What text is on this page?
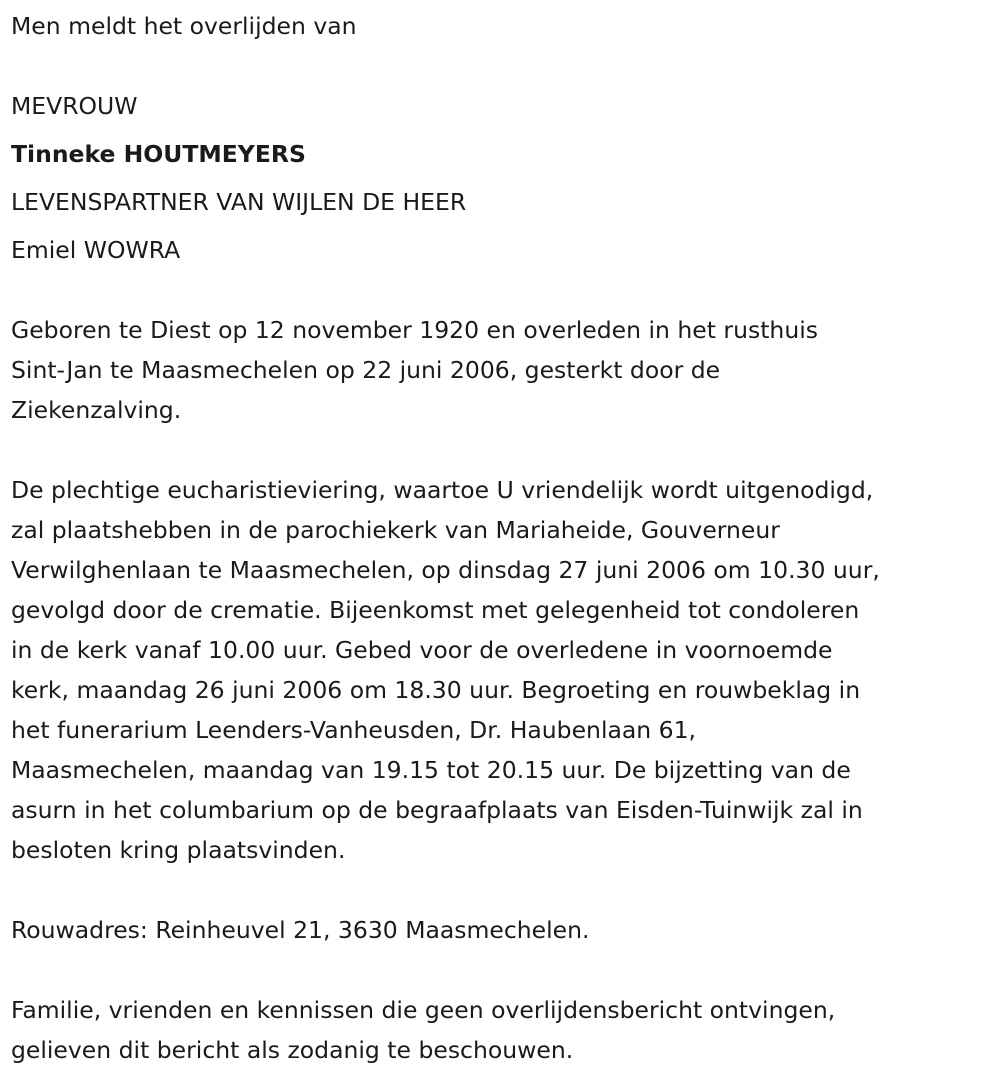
Men meldt het overlijden van
MEVROUW
Tinneke HOUTMEYERS
LEVENSPARTNER VAN WIJLEN DE HEER
Emiel WOWRA
Geboren te Diest op 12 november 1920 en overleden in het rusthuis
Sint-Jan te Maasmechelen op 22 juni 2006, gesterkt door de
Ziekenzalving.
De plechtige eucharistieviering, waartoe U vriendelijk wordt uitgenodigd,
zal plaatshebben in de parochiekerk van Mariaheide, Gouverneur
Verwilghenlaan te Maasmechelen, op dinsdag 27 juni 2006 om 10.30 uur,
gevolgd door de crematie. Bijeenkomst met gelegenheid tot condoleren
in de kerk vanaf 10.00 uur. Gebed voor de overledene in voornoemde
kerk, maandag 26 juni 2006 om 18.30 uur. Begroeting en rouwbeklag in
het funerarium Leenders-Vanheusden, Dr. Haubenlaan 61,
Maasmechelen, maandag van 19.15 tot 20.15 uur. De bijzetting van de
asurn in het columbarium op de begraafplaats van Eisden-Tuinwijk zal in
besloten kring plaatsvinden.
Rouwadres: Reinheuvel 21, 3630 Maasmechelen.
Familie, vrienden en kennissen die geen overlijdensbericht ontvingen,
gelieven dit bericht als zodanig te beschouwen.
